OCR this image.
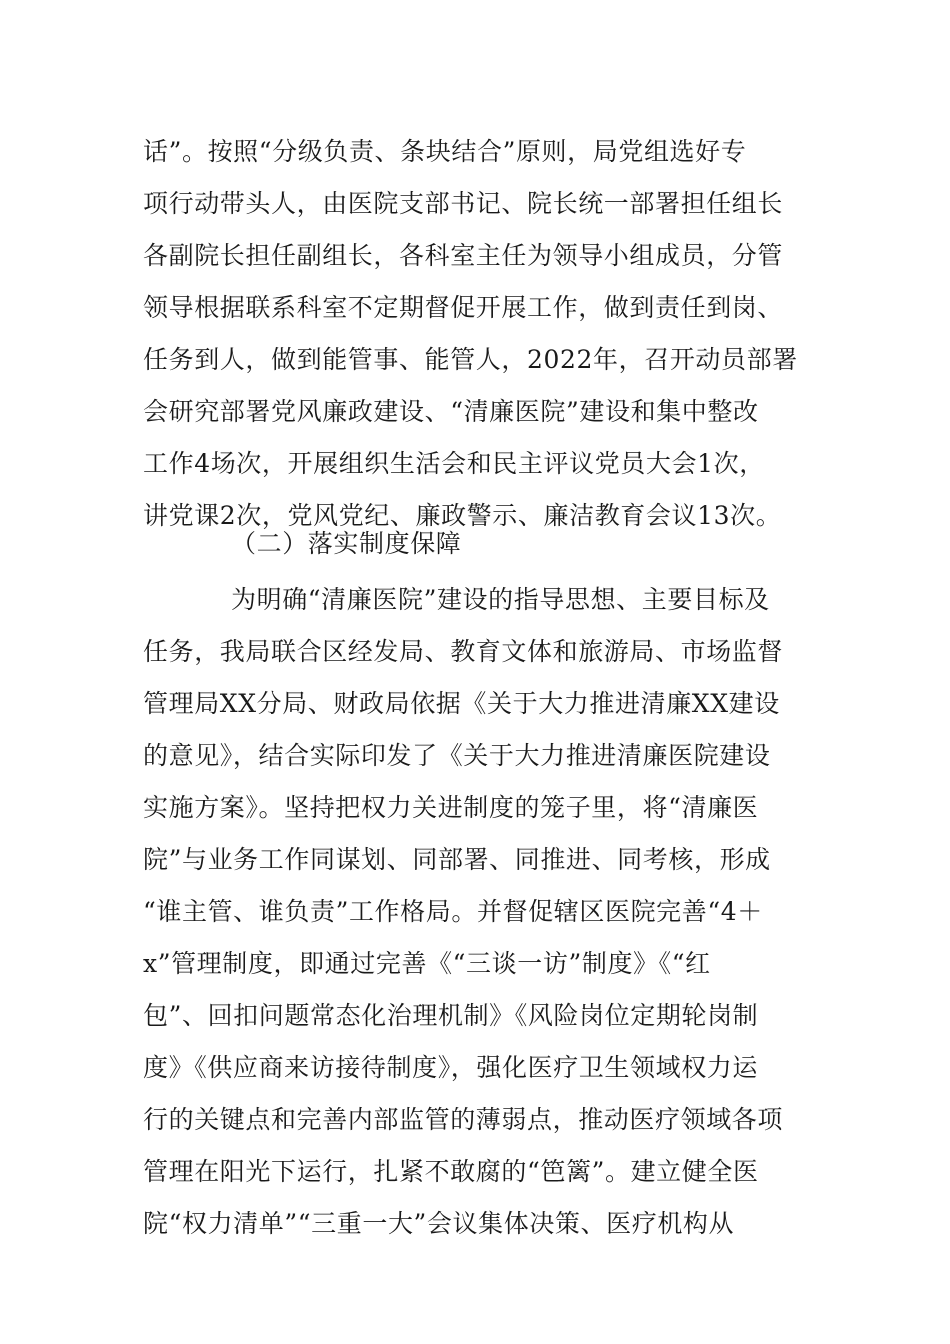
话”。按照“分级负责、条块结合”原则，局党组选好专
项行动带头人，由医院支部书记、院长统一部署担任组长
各副院长担任副组长，各科室主任为领导小组成员，分管
领导根据联系科室不定期督促开展工作，做到责任到岗、
任务到人，做到能管事、能管人，2022年，召开动员部署
会研究部署党风廉政建设、“清廉医院”建设和集中整改
工作4场次，开展组织生活会和民主评议党员大会1次，
讲党课2次，党风党纪、廉政警示、廉洁教育会议13次。
（二）落实制度保障
为明确“清廉医院”建设的指导思想、主要目标及
任务，我局联合区经发局、教育文体和旅游局、市场监督
管理局XX分局、财政局依据《关于大力推进清廉XX建设
的意见》，结合实际印发了《关于大力推进清廉医院建设
实施方案》。坚持把权力关进制度的笼子里，将“清廉医
院”与业务工作同谋划、同部署、同推进、同考核，形成
“谁主管、谁负责”工作格局。并督促辖区医院完善“4＋
x”管理制度，即通过完善《“三谈一访”制度》《“红
包”、回扣问题常态化治理机制》《风险岗位定期轮岗制
度》《供应商来访接待制度》，强化医疗卫生领域权力运
行的关键点和完善内部监管的薄弱点，推动医疗领域各项
管理在阳光下运行，扎紧不敢腐的“笆篱”。建立健全医
院“权力清单”“三重一大”会议集体决策、医疗机构从
